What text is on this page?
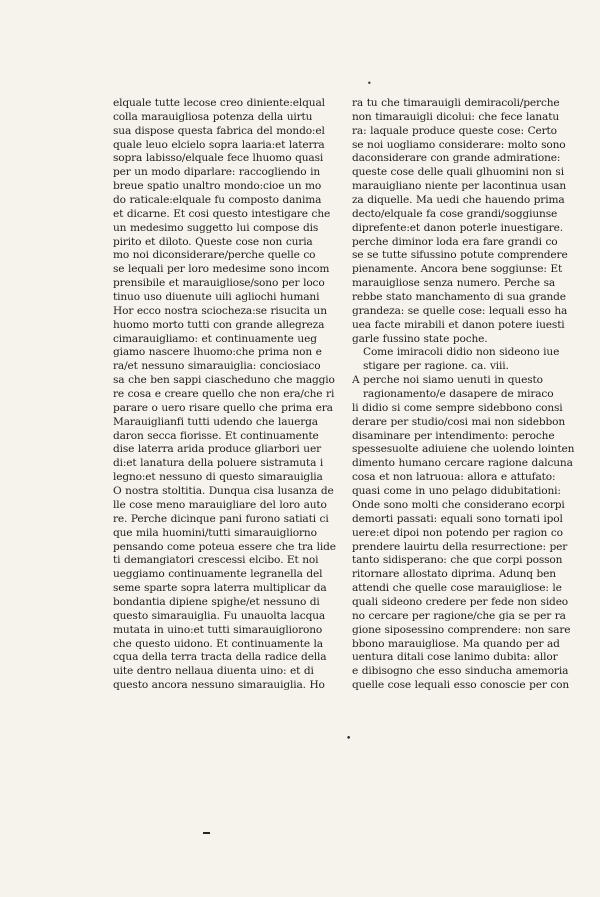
•
elquale tutte lecose creo diniente:elqual
colla marauigliosa potenza della uirtu
sua dispose questa fabrica del mondo:el
quale leuo elcielo sopra laaria:et laterra
sopra labisso/elquale fece lhuomo quasi
per un modo diparlare: raccogliendo in
breue spatio unaltro mondo:cioe un mo
do raticale:elquale fu composto danima
et dicarne. Et cosi questo intestigare che
un medesimo suggetto lui compose dis
pirito et diloto. Queste cose non curia
mo noi diconsiderare/perche quelle co
se lequali per loro medesime sono incom
prensibile et marauigliose/sono per loco
tinuo uso diuenute uili agliochi humani
Hor ecco nostra sciocheza:se risucita un
huomo morto tutti con grande allegreza
cimarauigliamo: et continuamente ueg
giamo nascere lhuomo:che prima non e
ra/et nessuno simarauiglia: conciosiaco
sa che ben sappi ciascheduno che maggio
re cosa e creare quello che non era/che ri
parare o uero risare quello che prima era
Marauiglianfi tutti udendo che lauerga
daron secca fiorisse. Et continuamente
dise laterra arida produce gliarbori uer
di:et lanatura della poluere sistramuta i
legno:et nessuno di questo simarauiglia
O nostra stoltitia. Dunqua cisa lusanza de
lle cose meno marauigliare del loro auto
re. Perche dicinque pani furono satiati ci
que mila huomini/tutti simarauigliorno
pensando come poteua essere che tra lide
ti demangiatori crescessi elcibo. Et noi
ueggiamo continuamente legranella del
seme sparte sopra laterra multiplicar da
bondantia dipiene spighe/et nessuno di
questo simarauiglia. Fu unauolta lacqua
mutata in uino:et tutti simarauigliorono
che questo uidono. Et continuamente la
cqua della terra tracta della radice della
uite dentro nellaua diuenta uino: et di
questo ancora nessuno simarauiglia. Ho
ra tu che timarauigli demiracoli/perche
non timarauigli dicolui: che fece lanatu
ra: laquale produce queste cose: Certo
se noi uogliamo considerare: molto sono
daconsiderare con grande admiratione:
queste cose delle quali glhuomini non si
marauigliano niente per lacontinua usan
za diquelle. Ma uedi che hauendo prima
decto/elquale fa cose grandi/soggiunse
diprefente:et danon poterle inuestigare.
perche diminor loda era fare grandi co
se se tutte sifussino potute comprendere
pienamente. Ancora bene soggiunse: Et
marauigliose senza numero. Perche sa
rebbe stato manchamento di sua grande
grandeza: se quelle cose: lequali esso ha
uea facte mirabili et danon potere iuesti
garle fussino state poche.
Come imiracoli didio non sideono iue
stigare per ragione. ca. viii.
A perche noi siamo uenuti in questo
ragionamento/e dasapere de miraco
li didio si come sempre sidebbono consi
derare per studio/cosi mai non sidebbon
disaminare per intendimento: peroche
spessesuolte adiuiene che uolendo lointen
dimento humano cercare ragione dalcuna
cosa et non latruoua: allora e attufato:
quasi come in uno pelago didubitationi:
Onde sono molti che considerano ecorpi
demorti passati: equali sono tornati ipol
uere:et dipoi non potendo per ragion co
prendere lauirtu della resurrectione: per
tanto sidisperano: che que corpi posson
ritornare allostato diprima. Adunq ben
attendi che quelle cose marauigliose: le
quali sideono credere per fede non sideo
no cercare per ragione/che gia se per ra
gione siposessino comprendere: non sare
bbono marauigliose. Ma quando per ad
uentura ditali cose lanimo dubita: allor
e dibisogno che esso sinducha amemoria
quelle cose lequali esso conoscie per con
•
